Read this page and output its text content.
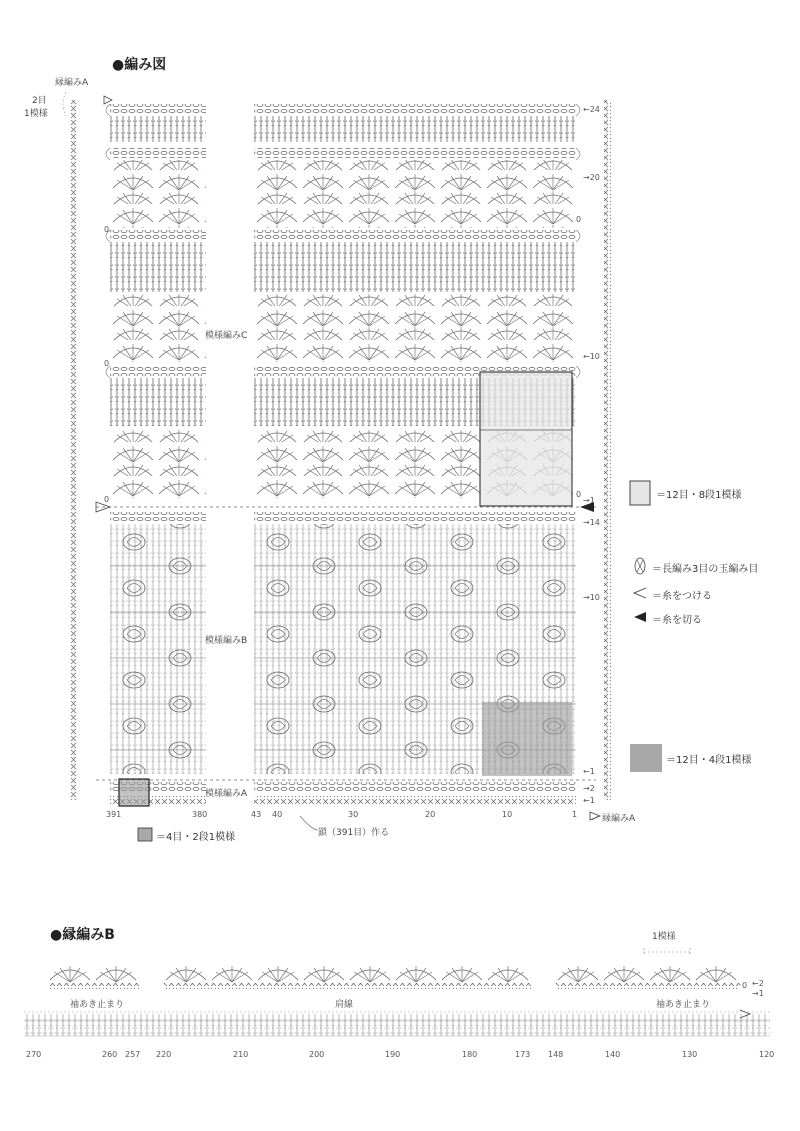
●編み図
縁編みA
2目
1模様
模様編みC
模様編みB
模様編みA
←24
→20
←10
→1
→14
→10
←1
→2
←1
0
0
0
0
0
391	380	43 40	30	20	10	1
鎖（391目）作る
縁編みA
＝12目・8段1模様
＝長編み3目の玉編み目
＝糸をつける
＝糸を切る
＝12目・4段1模様
＝4目・2段1模様
●縁編みB	1模様
袖あき止まり	肩線	袖あき止まり
←2
→1
0
270	260 257 220	210	200	190	180	173 148	140	130	120
